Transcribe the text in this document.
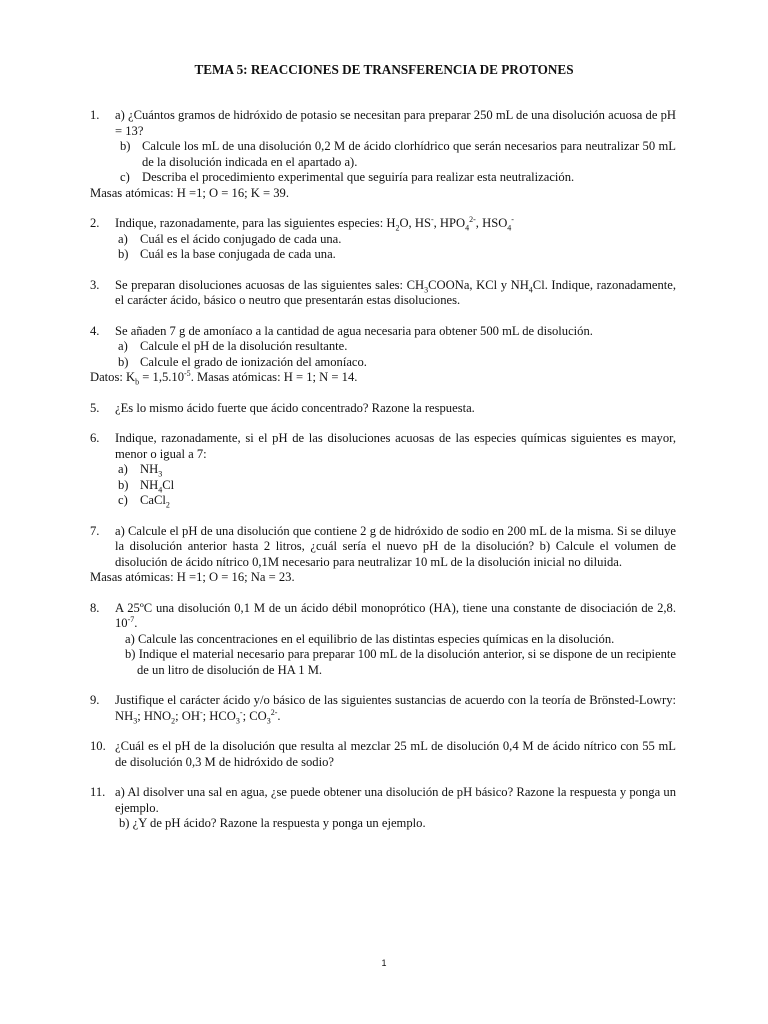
TEMA 5: REACCIONES DE TRANSFERENCIA DE PROTONES
1. a) ¿Cuántos gramos de hidróxido de potasio se necesitan para preparar 250 mL de una disolución acuosa de pH = 13?
b) Calcule los mL de una disolución 0,2 M de ácido clorhídrico que serán necesarios para neutralizar 50 mL de la disolución indicada en el apartado a).
c) Describa el procedimiento experimental que seguiría para realizar esta neutralización.
Masas atómicas: H =1; O = 16; K = 39.
2. Indique, razonadamente, para las siguientes especies: $H_2O$, HS-, $HPO_4^{2-}$, $HSO_4^-$
a) Cuál es el ácido conjugado de cada una.
b) Cuál es la base conjugada de cada una.
3. Se preparan disoluciones acuosas de las siguientes sales: $CH_3COONa$, KCl y $NH_4Cl$. Indique, razonadamente, el carácter ácido, básico o neutro que presentarán estas disoluciones.
4. Se añaden 7 g de amoníaco a la cantidad de agua necesaria para obtener 500 mL de disolución.
a) Calcule el pH de la disolución resultante.
b) Calcule el grado de ionización del amoníaco.
Datos: $K_b = 1,5.10^{-5}$. Masas atómicas: H = 1; N = 14.
5. ¿Es lo mismo ácido fuerte que ácido concentrado? Razone la respuesta.
6. Indique, razonadamente, si el pH de las disoluciones acuosas de las especies químicas siguientes es mayor, menor o igual a 7:
a) $NH_3$
b) $NH_4Cl$
c) CaCl$_2$
7. a) Calcule el pH de una disolución que contiene 2 g de hidróxido de sodio en 200 mL de la misma. Si se diluye la disolución anterior hasta 2 litros, ¿cuál sería el nuevo pH de la disolución? b) Calcule el volumen de disolución de ácido nítrico 0,1M necesario para neutralizar 10 mL de la disolución inicial no diluida.
Masas atómicas: H =1; O = 16; Na = 23.
8. A 25ºC una disolución 0,1 M de un ácido débil monoprótico (HA), tiene una constante de disociación de 2,8. $10^{-7}$.
a) Calcule las concentraciones en el equilibrio de las distintas especies químicas en la disolución.
b) Indique el material necesario para preparar 100 mL de la disolución anterior, si se dispone de un recipiente de un litro de disolución de HA 1 M.
9. Justifique el carácter ácido y/o básico de las siguientes sustancias de acuerdo con la teoría de Brönsted-Lowry: $NH_3$; $HNO_2$; OH-; $HCO_3^-$; $CO_3^{2-}$.
10. ¿Cuál es el pH de la disolución que resulta al mezclar 25 mL de disolución 0,4 M de ácido nítrico con 55 mL de disolución 0,3 M de hidróxido de sodio?
11. a) Al disolver una sal en agua, ¿se puede obtener una disolución de pH básico? Razone la respuesta y ponga un ejemplo.
b) ¿Y de pH ácido? Razone la respuesta y ponga un ejemplo.
1
